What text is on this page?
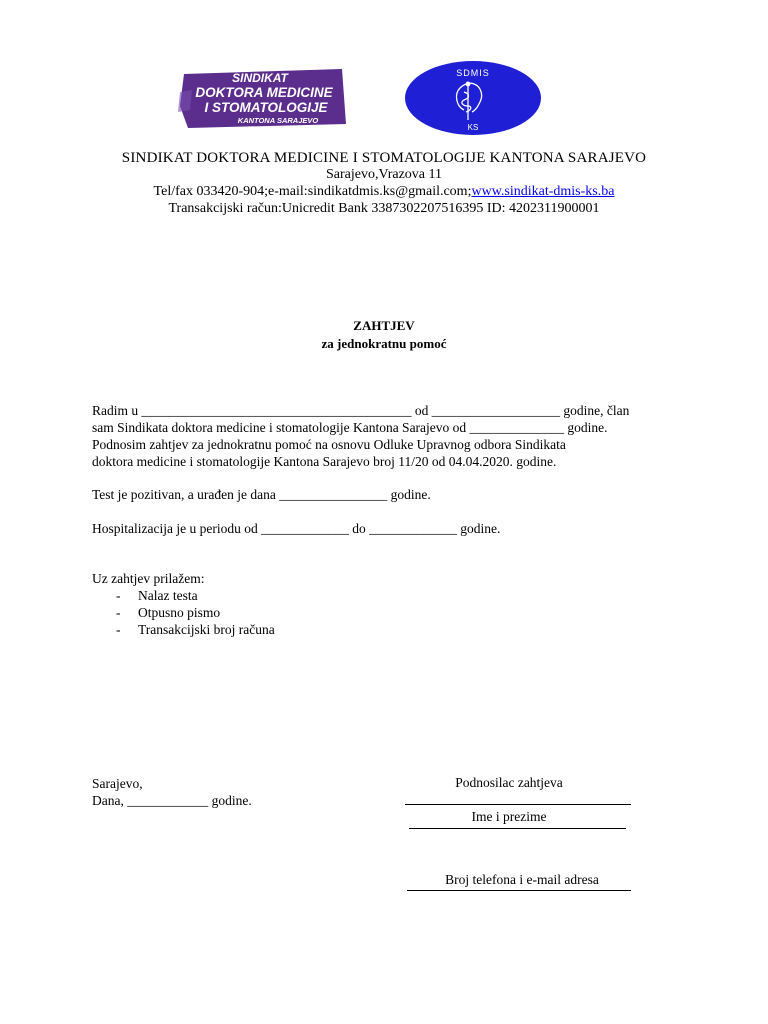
SINDIKAT
DOKTORA MEDICINE
I STOMATOLOGIJE
KANTONA SARAJEVO
SDMIS
KS
SINDIKAT DOKTORA MEDICINE I STOMATOLOGIJE KANTONA SARAJEVO
Sarajevo,Vrazova 11
Tel/fax 033420-904;e-mail:sindikatdmis.ks@gmail.com;www.sindikat-dmis-ks.ba
Transakcijski račun:Unicredit Bank 3387302207516395 ID: 4202311900001
ZAHTJEV
za jednokratnu pomoć
Radim u ________________________________________ od ___________________ godine, član
sam Sindikata doktora medicine i stomatologije Kantona Sarajevo od ______________ godine.
Podnosim zahtjev za jednokratnu pomoć na osnovu Odluke Upravnog odbora Sindikata
doktora medicine i stomatologije Kantona Sarajevo broj 11/20 od 04.04.2020. godine.
Test je pozitivan, a urađen je dana ________________ godine.
Hospitalizacija je u periodu od _____________ do _____________ godine.
Uz zahtjev prilažem:
- Nalaz testa
- Otpusno pismo
- Transakcijski broj računa
Sarajevo,
Dana, ____________ godine.
Podnosilac zahtjeva
Ime i prezime
Broj telefona i e-mail adresa
